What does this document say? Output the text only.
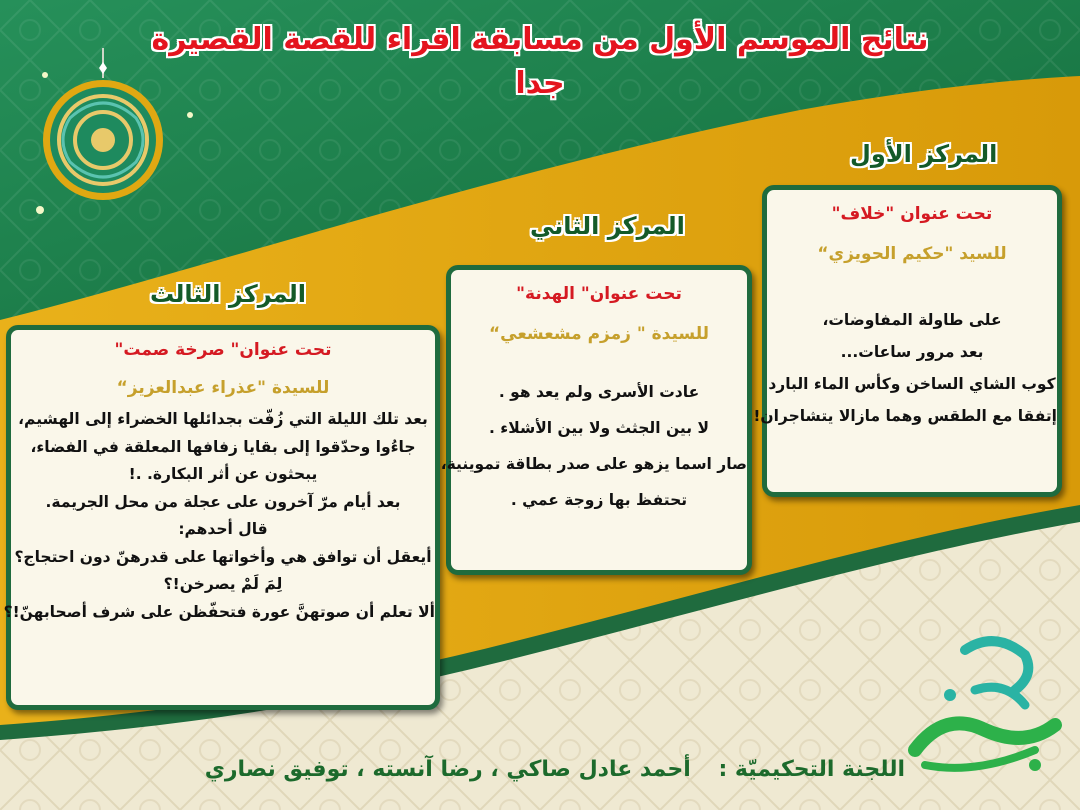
نتائج الموسم الأول من مسابقة اقراء للقصة القصيرة جدا
المركز الأول
المركز الثاني
المركز الثالث
تحت عنوان "خلاف"
للسيد "حكيم الحويزي“
على طاولة المفاوضات،
بعد مرور ساعات...
كوب الشاي الساخن وكأس الماء البارد
إتفقا مع الطقس وهما مازالا يتشاجران!
تحت عنوان" الهدنة"
للسيدة " زمزم مشعشعي“
عادت الأسرى ولم يعد هو .
لا بين الجثث ولا بين الأشلاء .
صار اسما يزهو على صدر بطاقة تموينية،
تحتفظ بها زوجة عمي .
تحت عنوان" صرخة صمت"
للسيدة "عذراء عبدالعزيز“
بعد تلك الليلة التي زُفّت بجدائلها الخضراء إلى الهشيم،
جاءُوا وحدّقوا إلى بقايا زفافها المعلقة في الفضاء،
يبحثون عن أثر البكارة. .!
بعد أيام مرّ آخرون على عجلة من محل الجريمة.
قال أحدهم:
أيعقل أن توافق هي وأخواتها على قدرهنّ دون احتجاج؟
لِمَ لَمْ يصرخن!؟
ألا تعلم أن صوتهنَّ عورة فتحفّظن على شرف أصحابهنّ!؟
اللجنة التحكيميّة : أحمد عادل صاكي ، رضا آنسته ، توفيق نصاري
